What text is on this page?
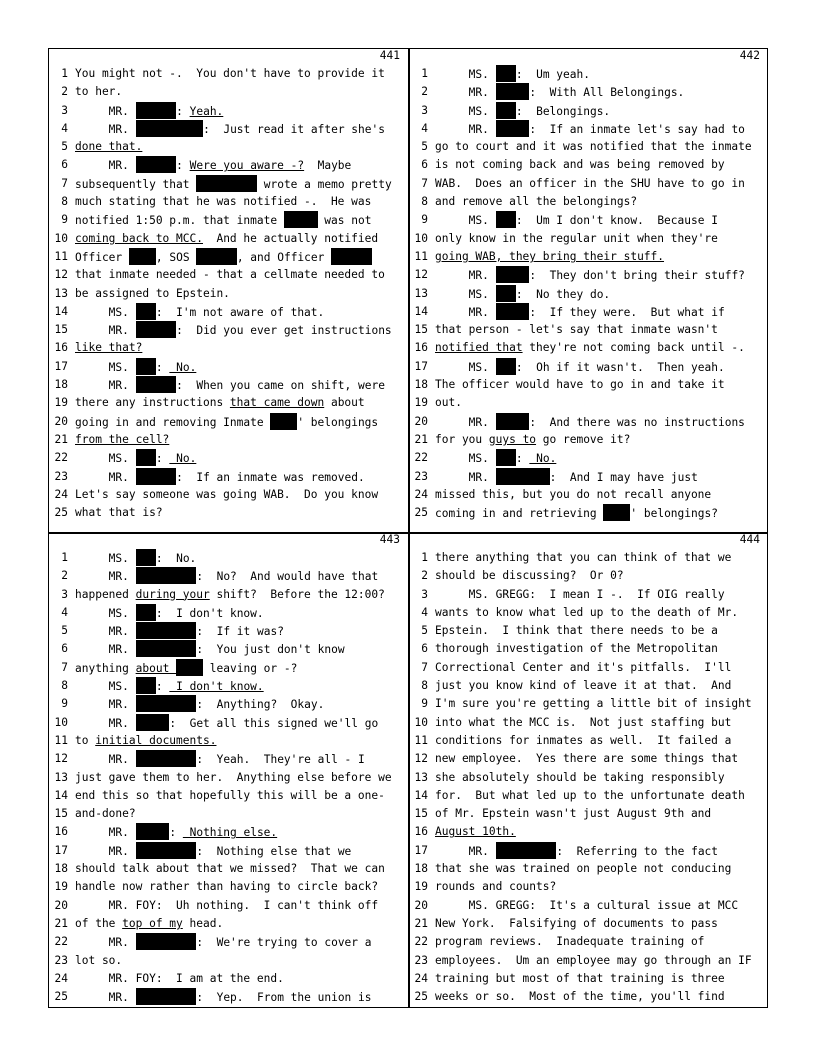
441
1 You might not -.  You don't have to provide it
2 to her.
3 MR.	: Yeah.
4 MR.	:  Just read it after she's
5 done that.
6 MR.	: Were you aware -?  Maybe
7 subsequently that	wrote a memo pretty
8 much stating that he was notified -.  He was
9 notified 1:50 p.m. that inmate	was not
10 coming back to MCC.  And he actually notified
11 Officer , SOS	, and Officer
12 that inmate needed - that a cellmate needed to
13 be assigned to Epstein.
14 MS. :  I'm not aware of that.
15 MR.	:  Did you ever get instructions
16 like that?
17 MS. :  No.
18 MR.	:  When you came on shift, were
19 there any instructions that came down about
20 going in and removing Inmate ' belongings
21 from the cell?
22 MS. :  No.
23 MR.	:  If an inmate was removed.
24 Let's say someone was going WAB.  Do you know
25 what that is?
442
1 MS. :  Um yeah.
2 MR.	:  With All Belongings.
3 MS. :  Belongings.
4 MR.	:  If an inmate let's say had to
5 go to court and it was notified that the inmate
6 is not coming back and was being removed by
7 WAB.  Does an officer in the SHU have to go in
8 and remove all the belongings?
9 MS. :  Um I don't know.  Because I
10 only know in the regular unit when they're
11 going WAB, they bring their stuff.
12 MR.	:  They don't bring their stuff?
13 MS. :  No they do.
14 MR.	:  If they were.  But what if
15 that person - let's say that inmate wasn't
16 notified that they're not coming back until -.
17 MS. :  Oh if it wasn't.  Then yeah.
18 The officer would have to go in and take it
19 out.
20 MR.	:  And there was no instructions
21 for you guys to go remove it?
22 MS. :  No.
23 MR.	:  And I may have just
24 missed this, but you do not recall anyone
25 coming in and retrieving ' belongings?
443
1 MS. :  No.
2 MR.	:  No?  And would have that
3 happened during your shift?  Before the 12:00?
4 MS. :  I don't know.
5 MR.	:  If it was?
6 MR.	:  You just don't know
7 anything about  leaving or -?
8 MS. :  I don't know.
9 MR.	:  Anything?  Okay.
10 MR.	:  Get all this signed we'll go
11 to initial documents.
12 MR.	:  Yeah.  They're all - I
13 just gave them to her.  Anything else before we
14 end this so that hopefully this will be a one-
15 and-done?
16 MR.	:  Nothing else.
17 MR.	:  Nothing else that we
18 should talk about that we missed?  That we can
19 handle now rather than having to circle back?
20 MR. FOY:  Uh nothing.  I can't think off
21 of the top of my head.
22 MR.	:  We're trying to cover a
23 lot so.
24 MR. FOY:  I am at the end.
25 MR.	:  Yep.  From the union is
444
1 there anything that you can think of that we
2 should be discussing?  Or 0?
3 MS. GREGG:  I mean I -.  If OIG really
4 wants to know what led up to the death of Mr.
5 Epstein.  I think that there needs to be a
6 thorough investigation of the Metropolitan
7 Correctional Center and it's pitfalls.  I'll
8 just you know kind of leave it at that.  And
9 I'm sure you're getting a little bit of insight
10 into what the MCC is.  Not just staffing but
11 conditions for inmates as well.  It failed a
12 new employee.  Yes there are some things that
13 she absolutely should be taking responsibly
14 for.  But what led up to the unfortunate death
15 of Mr. Epstein wasn't just August 9th and
16 August 10th.
17 MR.	:  Referring to the fact
18 that she was trained on people not conducing
19 rounds and counts?
20 MS. GREGG:  It's a cultural issue at MCC
21 New York.  Falsifying of documents to pass
22 program reviews.  Inadequate training of
23 employees.  Um an employee may go through an IF
24 training but most of that training is three
25 weeks or so.  Most of the time, you'll find
